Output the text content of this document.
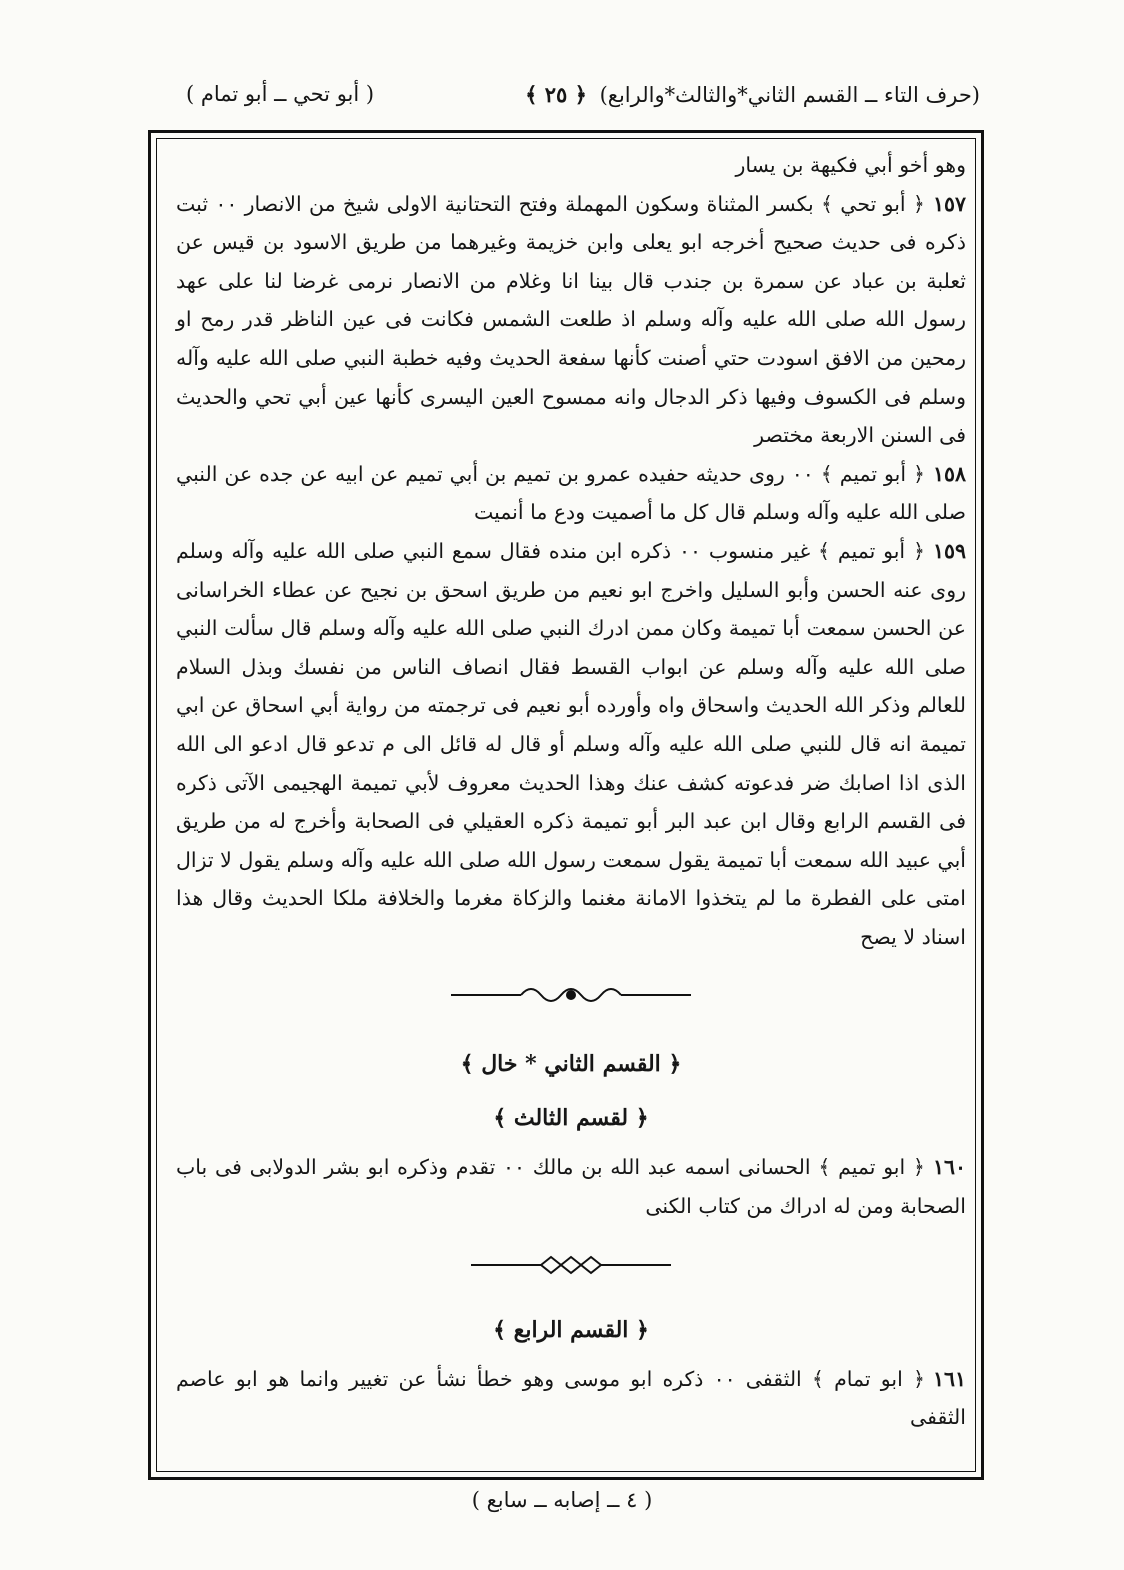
(حرف التاء ــ القسم الثاني*والثالث*والرابع) ﴿ ٢٥ ﴾
( أبو تحي ــ أبو تمام )

وهو أخو أبي فكيهة بن يسار

١٥٧﴿ أبو تحي ﴾ بكسر المثناة وسكون المهملة وفتح التحتانية الاولى شيخ من الانصار ٠٠ ثبت ذكره فى حديث صحيح أخرجه ابو يعلى وابن خزيمة وغيرهما من طريق الاسود بن قيس عن ثعلبة بن عباد عن سمرة بن جندب قال بينا انا وغلام من الانصار نرمى غرضا لنا على عهد رسول الله صلى الله عليه وآله وسلم اذ طلعت الشمس فكانت فى عين الناظر قدر رمح او رمحين من الافق اسودت حتي أصنت كأنها سفعة الحديث وفيه خطبة النبي صلى الله عليه وآله وسلم فى الكسوف وفيها ذكر الدجال وانه ممسوح العين اليسرى كأنها عين أبي تحي والحديث فى السنن الاربعة مختصر

١٥٨﴿ أبو تميم ﴾ ٠٠ روى حديثه حفيده عمرو بن تميم بن أبي تميم عن ابيه عن جده عن النبي صلى الله عليه وآله وسلم قال كل ما أصميت ودع ما أنميت

١٥٩﴿ أبو تميم ﴾ غير منسوب ٠٠ ذكره ابن منده فقال سمع النبي صلى الله عليه وآله وسلم روى عنه الحسن وأبو السليل واخرج ابو نعيم من طريق اسحق بن نجيح عن عطاء الخراسانى عن الحسن سمعت أبا تميمة وكان ممن ادرك النبي صلى الله عليه وآله وسلم قال سألت النبي صلى الله عليه وآله وسلم عن ابواب القسط فقال انصاف الناس من نفسك وبذل السلام للعالم وذكر الله الحديث واسحاق واه وأورده أبو نعيم فى ترجمته من رواية أبي اسحاق عن ابي تميمة انه قال للنبي صلى الله عليه وآله وسلم أو قال له قائل الى م تدعو قال ادعو الى الله الذى اذا اصابك ضر فدعوته كشف عنك وهذا الحديث معروف لأبي تميمة الهجيمى الآتى ذكره فى القسم الرابع وقال ابن عبد البر أبو تميمة ذكره العقيلي فى الصحابة وأخرج له من طريق أبي عبيد الله سمعت أبا تميمة يقول سمعت رسول الله صلى الله عليه وآله وسلم يقول لا تزال امتى على الفطرة ما لم يتخذوا الامانة مغنما والزكاة مغرما والخلافة ملكا الحديث وقال هذا اسناد لا يصح

﴿ القسم الثاني * خال ﴾

﴿ لقسم الثالث ﴾

١٦٠﴿ ابو تميم ﴾ الحسانى اسمه عبد الله بن مالك ٠٠ تقدم وذكره ابو بشر الدولابى فى باب الصحابة ومن له ادراك من كتاب الكنى

﴿ القسم الرابع ﴾

١٦١﴿ ابو تمام ﴾ الثقفى ٠٠ ذكره ابو موسى وهو خطأ نشأ عن تغيير وانما هو ابو عاصم الثقفى

( ٤ ــ إصابه ــ سابع )
